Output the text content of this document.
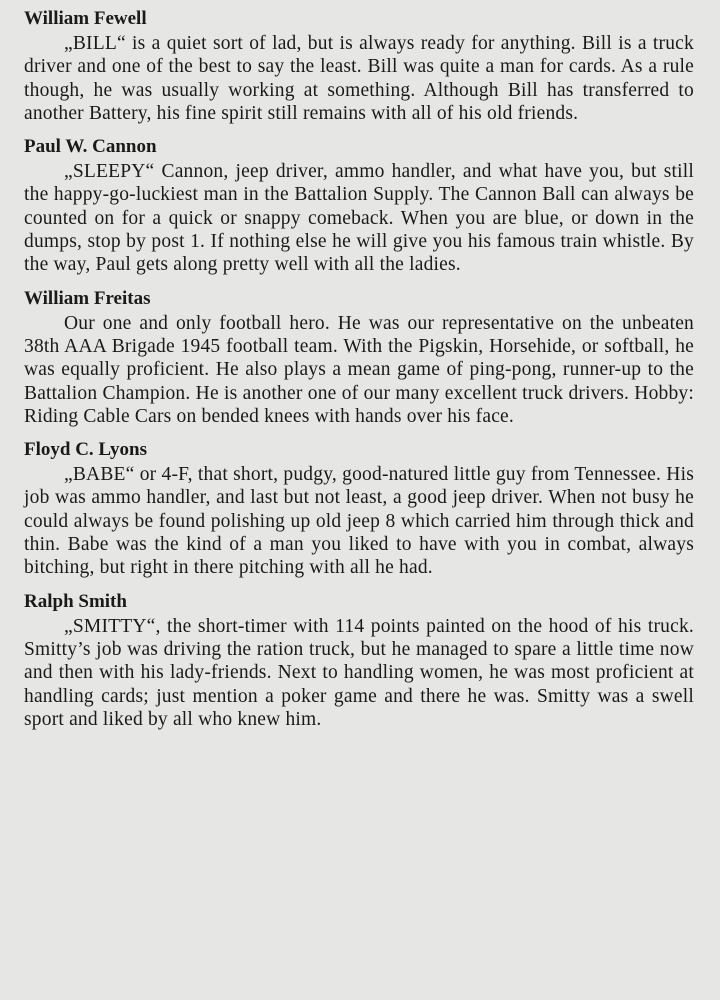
William Fewell

„BILL“ is a quiet sort of lad, but is always ready for anything. Bill is a truck driver and one of the best to say the least. Bill was quite a man for cards. As a rule though, he was usually working at something. Although Bill has transferred to another Battery, his fine spirit still remains with all of his old friends.

Paul W. Cannon

„SLEEPY“ Cannon, jeep driver, ammo handler, and what have you, but still the happy-go-luckiest man in the Battalion Supply. The Cannon Ball can always be counted on for a quick or snappy comeback. When you are blue, or down in the dumps, stop by post 1. If nothing else he will give you his famous train whistle. By the way, Paul gets along pretty well with all the ladies.

William Freitas

Our one and only football hero. He was our representative on the unbeaten 38th AAA Brigade 1945 football team. With the Pigskin, Horsehide, or softball, he was equally proficient. He also plays a mean game of ping-pong, runner-up to the Battalion Champion. He is another one of our many excellent truck drivers. Hobby: Riding Cable Cars on bended knees with hands over his face.

Floyd C. Lyons

„BABE“ or 4-F, that short, pudgy, good-natured little guy from Tennessee. His job was ammo handler, and last but not least, a good jeep driver. When not busy he could always be found polishing up old jeep 8 which carried him through thick and thin. Babe was the kind of a man you liked to have with you in combat, always bitching, but right in there pitching with all he had.

Ralph Smith

„SMITTY“, the short-timer with 114 points painted on the hood of his truck. Smitty’s job was driving the ration truck, but he managed to spare a little time now and then with his lady-friends. Next to handling women, he was most proficient at handling cards; just mention a poker game and there he was. Smitty was a swell sport and liked by all who knew him.
